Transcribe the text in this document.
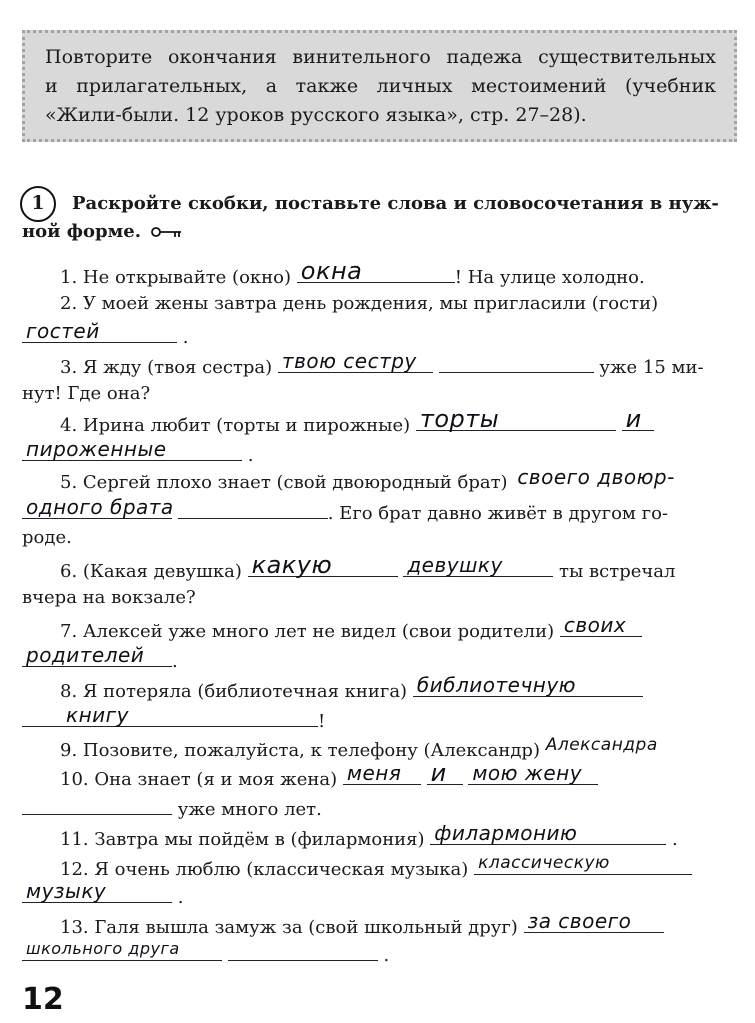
Повторите окончания винительного падежа существительных
и прилагательных, а также личных местоимений (учебник
«Жили-были. 12 уроков русского языка», стр. 27–28).
1	Раскройте скобки, поставьте слова и словосочетания в нуж-
ной форме.
1. Не открывайте (окно) окна	! На улице холодно.
2. У моей жены завтра день рождения, мы пригласили (гости)
гостей	.
3. Я жду (твоя сестра) твою сестру	уже 15 ми-
нут! Где она?
4. Ирина любит (торты и пирожные) торты
	и
пироженные	.
5. Сергей плохо знает (свой двоюродный брат) своего двоюр-
одного брата	. Его брат давно живёт в другом го-
роде.
6. (Какая девушка) какую
	девушку	ты встречал
вчера на вокзале?
7. Алексей уже много лет не видел (свои родители) своих
родителей .
8. Я потеряла (библиотечная книга) библиотечную
книгу	!
9. Позовите, пожалуйста, к телефону (Александр) Александра
10. Она знает (я и моя жена) меня
и
мою жену
уже много лет.
11. Завтра мы пойдём в (филармония) филармонию	.
12. Я очень люблю (классическая музыка) классическую
музыку	.
13. Галя вышла замуж за (свой школьный друг) за своего
школьного друга	.
12
